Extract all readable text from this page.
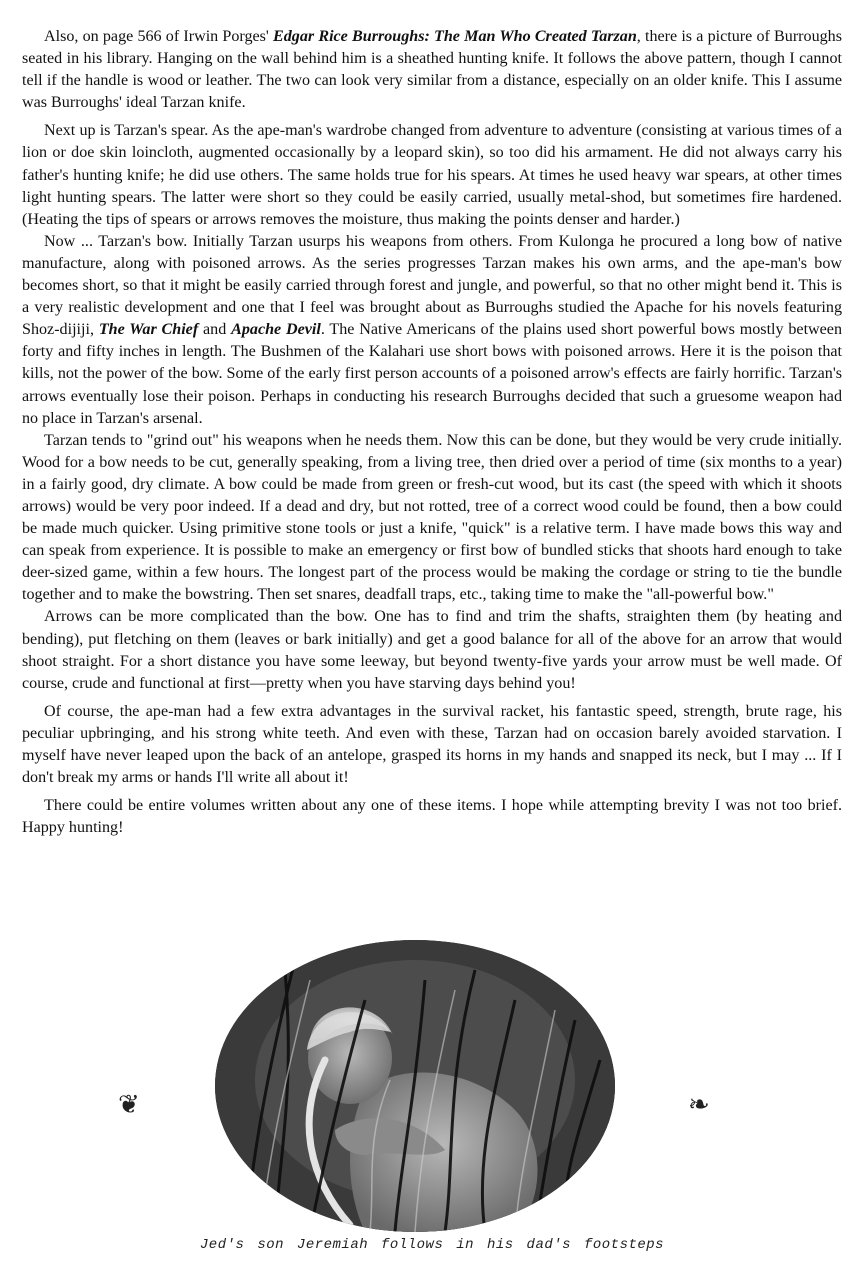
Also, on page 566 of Irwin Porges' Edgar Rice Burroughs: The Man Who Created Tarzan, there is a picture of Burroughs seated in his library. Hanging on the wall behind him is a sheathed hunting knife. It follows the above pattern, though I cannot tell if the handle is wood or leather. The two can look very similar from a distance, especially on an older knife. This I assume was Burroughs' ideal Tarzan knife.

Next up is Tarzan's spear. As the ape-man's wardrobe changed from adventure to adventure (consisting at various times of a lion or doe skin loincloth, augmented occasionally by a leopard skin), so too did his armament. He did not always carry his father's hunting knife; he did use others. The same holds true for his spears. At times he used heavy war spears, at other times light hunting spears. The latter were short so they could be easily carried, usually metal-shod, but sometimes fire hardened. (Heating the tips of spears or arrows removes the moisture, thus making the points denser and harder.)

Now ... Tarzan's bow. Initially Tarzan usurps his weapons from others. From Kulonga he procured a long bow of native manufacture, along with poisoned arrows. As the series progresses Tarzan makes his own arms, and the ape-man's bow becomes short, so that it might be easily carried through forest and jungle, and powerful, so that no other might bend it. This is a very realistic development and one that I feel was brought about as Burroughs studied the Apache for his novels featuring Shoz-dijiji, The War Chief and Apache Devil. The Native Americans of the plains used short powerful bows mostly between forty and fifty inches in length. The Bushmen of the Kalahari use short bows with poisoned arrows. Here it is the poison that kills, not the power of the bow. Some of the early first person accounts of a poisoned arrow's effects are fairly horrific. Tarzan's arrows eventually lose their poison. Perhaps in conducting his research Burroughs decided that such a gruesome weapon had no place in Tarzan's arsenal.

Tarzan tends to "grind out" his weapons when he needs them. Now this can be done, but they would be very crude initially. Wood for a bow needs to be cut, generally speaking, from a living tree, then dried over a period of time (six months to a year) in a fairly good, dry climate. A bow could be made from green or fresh-cut wood, but its cast (the speed with which it shoots arrows) would be very poor indeed. If a dead and dry, but not rotted, tree of a correct wood could be found, then a bow could be made much quicker. Using primitive stone tools or just a knife, "quick" is a relative term. I have made bows this way and can speak from experience. It is possible to make an emergency or first bow of bundled sticks that shoots hard enough to take deer-sized game, within a few hours. The longest part of the process would be making the cordage or string to tie the bundle together and to make the bowstring. Then set snares, deadfall traps, etc., taking time to make the "all-powerful bow."

Arrows can be more complicated than the bow. One has to find and trim the shafts, straighten them (by heating and bending), put fletching on them (leaves or bark initially) and get a good balance for all of the above for an arrow that would shoot straight. For a short distance you have some leeway, but beyond twenty-five yards your arrow must be well made. Of course, crude and functional at first—pretty when you have starving days behind you!

Of course, the ape-man had a few extra advantages in the survival racket, his fantastic speed, strength, brute rage, his peculiar upbringing, and his strong white teeth. And even with these, Tarzan had on occasion barely avoided starvation. I myself have never leaped upon the back of an antelope, grasped its horns in my hands and snapped its neck, but I may ... If I don't break my arms or hands I'll write all about it!

There could be entire volumes written about any one of these items. I hope while attempting brevity I was not too brief. Happy hunting!

❦	❧
Jed's son Jeremiah follows in his dad's footsteps
